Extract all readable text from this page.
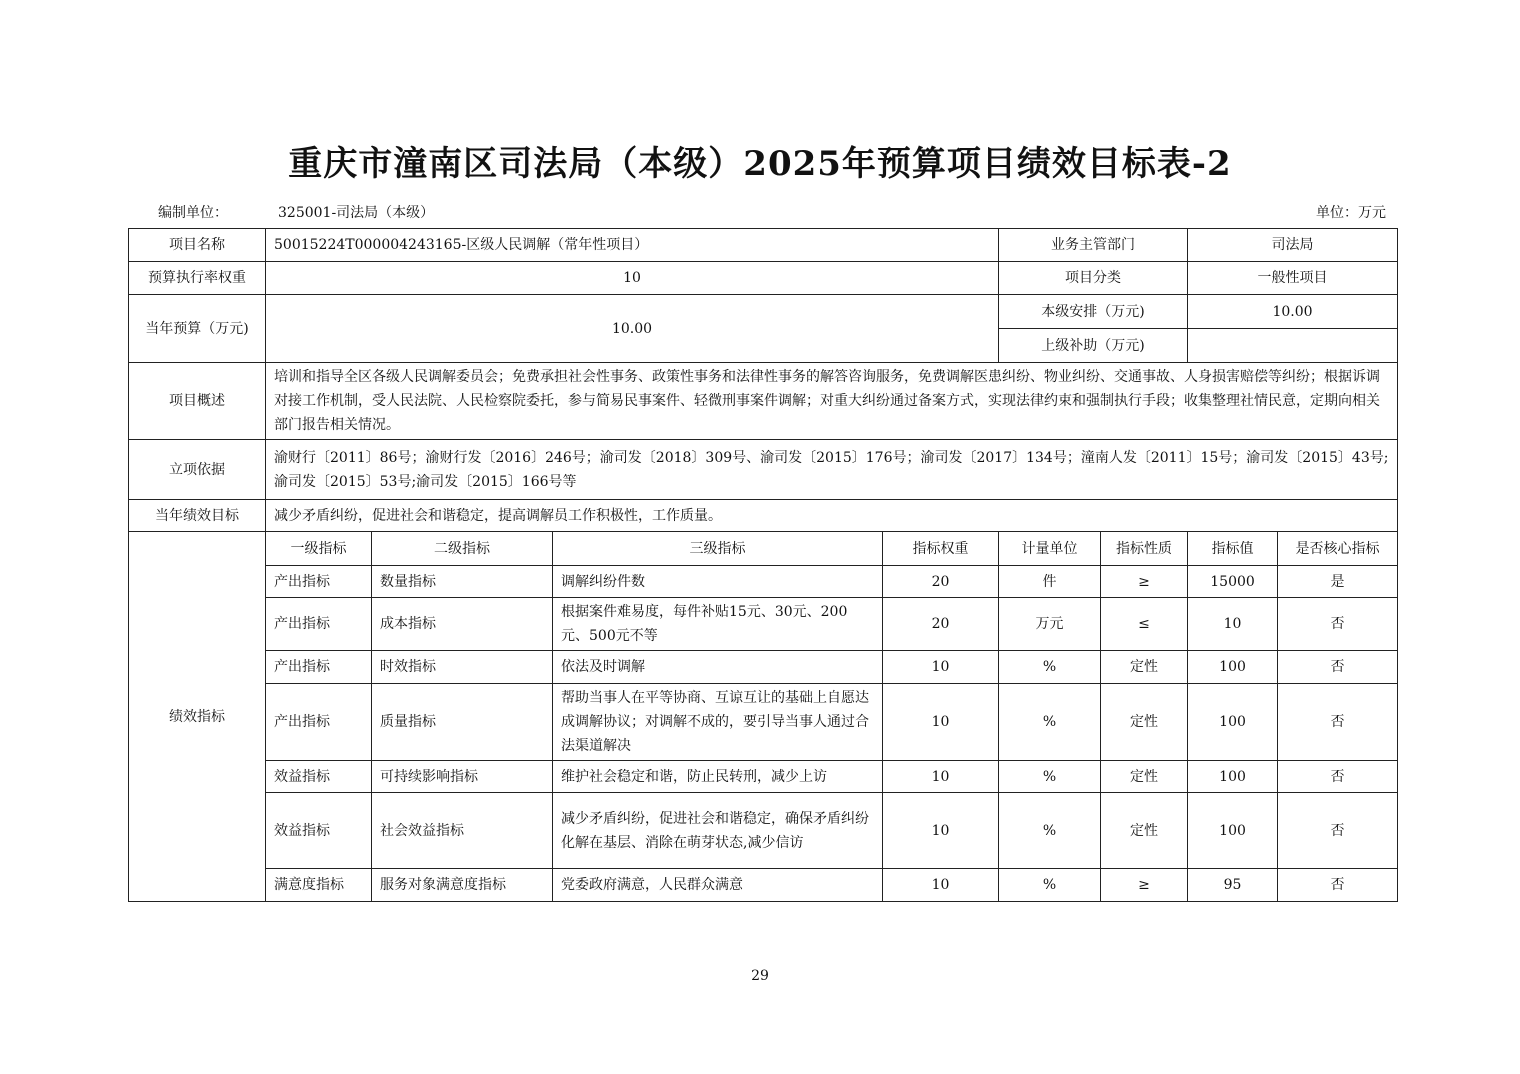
重庆市潼南区司法局（本级）2025年预算项目绩效目标表-2
编制单位：	325001-司法局（本级）	单位：万元
项目名称	50015224T000004243165-区级人民调解（常年性项目）				业务主管部门		司法局	
预算执行率权重	10				项目分类		一般性项目	
当年预算（万元)	10.00				本级安排（万元)		10.00	
					上级补助（万元)			
项目概述	培训和指导全区各级人民调解委员会；免费承担社会性事务、政策性事务和法律性事务的解答咨询服务，免费调解医患纠纷、物业纠纷、交通事故、人身损害赔偿等纠纷；根据诉调对接工作机制，受人民法院、人民检察院委托，参与简易民事案件、轻微刑事案件调解；对重大纠纷通过备案方式，实现法律约束和强制执行手段；收集整理社情民意，定期向相关部门报告相关情况。							
立项依据	渝财行〔2011〕86号；渝财行发〔2016〕246号；渝司发〔2018〕309号、渝司发〔2015〕176号；渝司发〔2017〕134号；潼南人发〔2011〕15号；渝司发〔2015〕43号; 渝司发〔2015〕53号;渝司发〔2015〕166号等							
当年绩效目标	减少矛盾纠纷，促进社会和谐稳定，提高调解员工作积极性，工作质量。							
绩效指标	一级指标	二级指标	三级指标	指标权重	计量单位	指标性质	指标值	是否核心指标
	产出指标	数量指标	调解纠纷件数	20	件	≥	15000	是
	产出指标	成本指标	根据案件难易度，每件补贴15元、30元、200元、500元不等	20	万元	≤	10	否
	产出指标	时效指标	依法及时调解	10	%	定性	100	否
	产出指标	质量指标	帮助当事人在平等协商、互谅互让的基础上自愿达成调解协议；对调解不成的，要引导当事人通过合法渠道解决	10	%	定性	100	否
	效益指标	可持续影响指标	维护社会稳定和谐，防止民转刑，减少上访	10	%	定性	100	否
	效益指标	社会效益指标	减少矛盾纠纷，促进社会和谐稳定，确保矛盾纠纷化解在基层、消除在萌芽状态,减少信访	10	%	定性	100	否
	满意度指标	服务对象满意度指标	党委政府满意，人民群众满意	10	%	≥	95	否
29
